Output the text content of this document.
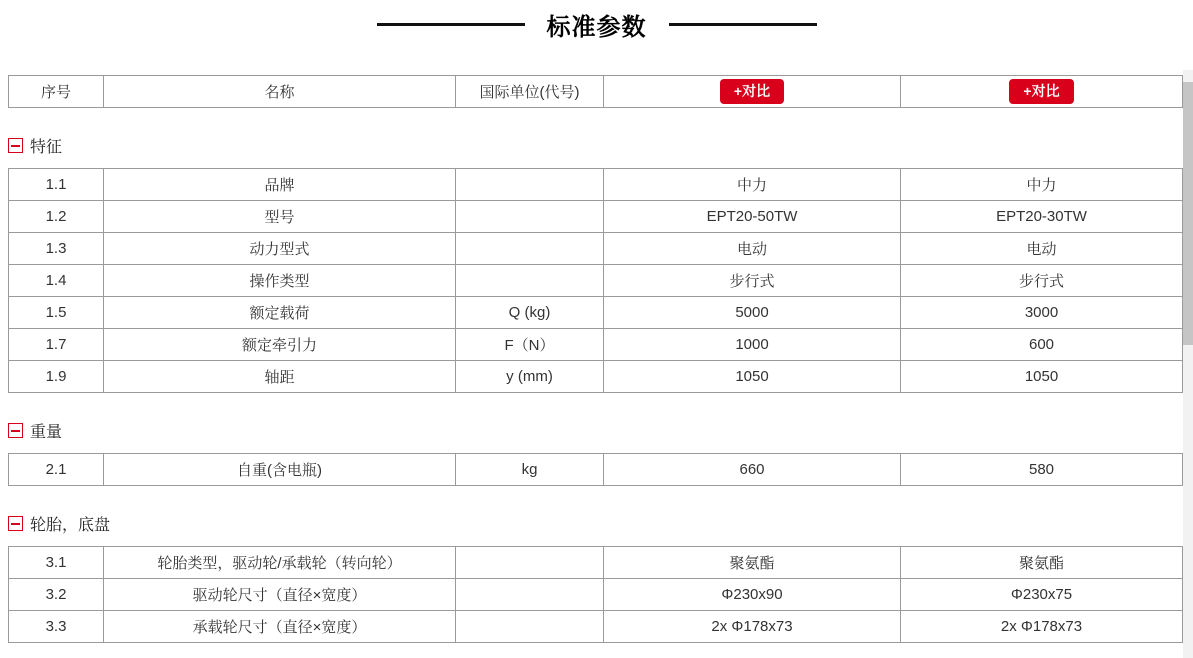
标准参数
序号	名称	国际单位(代号)	+对比	+对比
特征
1.1	品牌		中力	中力
1.2	型号		EPT20-50TW	EPT20-30TW
1.3	动力型式		电动	电动
1.4	操作类型		步行式	步行式
1.5	额定载荷	Q (kg)	5000	3000
1.7	额定牵引力	F（N）	1000	600
1.9	轴距	y (mm)	1050	1050
重量
2.1	自重(含电瓶)	kg	660	580
轮胎，底盘
3.1	轮胎类型，驱动轮/承载轮（转向轮）		聚氨酯	聚氨酯
3.2	驱动轮尺寸（直径×宽度）		Φ230x90	Φ230x75
3.3	承载轮尺寸（直径×宽度）		2x Φ178x73	2x Φ178x73
